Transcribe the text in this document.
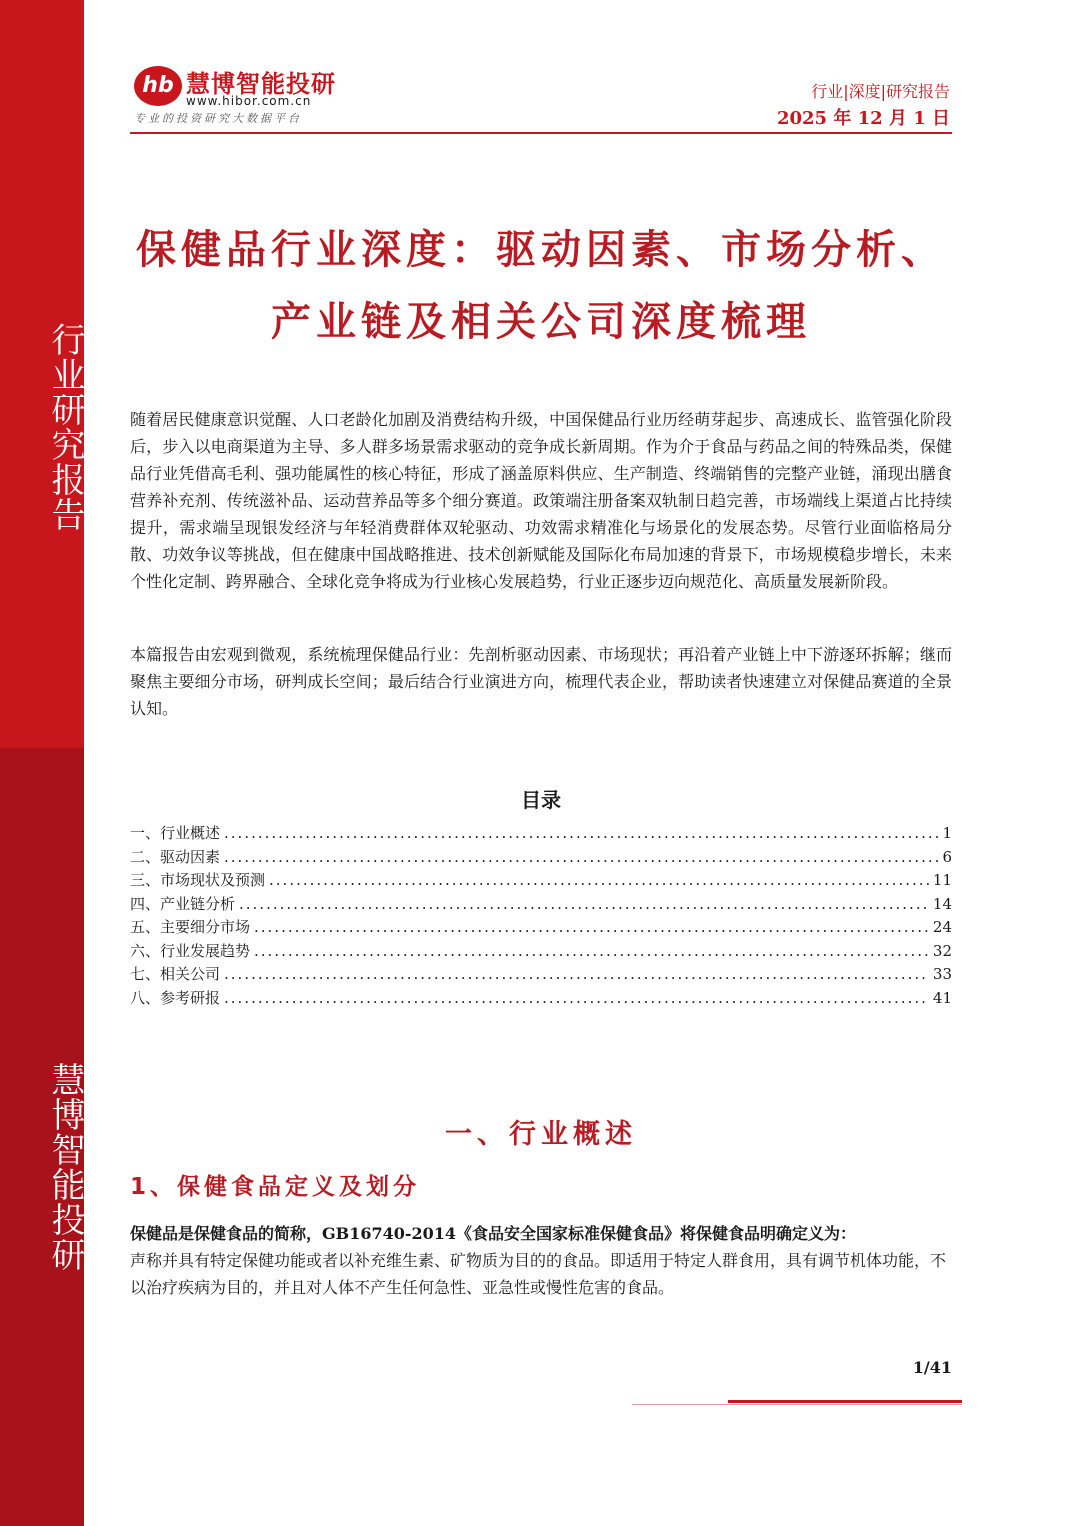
行业研究报告
慧博智能投研
hb 慧博智能投研
www.hibor.com.cn
专业的投资研究大数据平台
行业|深度|研究报告
2025 年 12 月 1 日
保健品行业深度：驱动因素、市场分析、产业链及相关公司深度梳理
随着居民健康意识觉醒、人口老龄化加剧及消费结构升级，中国保健品行业历经萌芽起步、高速成长、监管强化阶段后，步入以电商渠道为主导、多人群多场景需求驱动的竞争成长新周期。作为介于食品与药品之间的特殊品类，保健品行业凭借高毛利、强功能属性的核心特征，形成了涵盖原料供应、生产制造、终端销售的完整产业链，涌现出膳食营养补充剂、传统滋补品、运动营养品等多个细分赛道。政策端注册备案双轨制日趋完善，市场端线上渠道占比持续提升，需求端呈现银发经济与年轻消费群体双轮驱动、功效需求精准化与场景化的发展态势。尽管行业面临格局分散、功效争议等挑战，但在健康中国战略推进、技术创新赋能及国际化布局加速的背景下，市场规模稳步增长，未来个性化定制、跨界融合、全球化竞争将成为行业核心发展趋势，行业正逐步迈向规范化、高质量发展新阶段。
本篇报告由宏观到微观，系统梳理保健品行业：先剖析驱动因素、市场现状；再沿着产业链上中下游逐环拆解；继而聚焦主要细分市场，研判成长空间；最后结合行业演进方向，梳理代表企业，帮助读者快速建立对保健品赛道的全景认知。
目录
一、行业概述 .....	1
二、驱动因素 .....	6
三、市场现状及预测 .....	11
四、产业链分析 .....	14
五、主要细分市场 .....	24
六、行业发展趋势 .....	32
七、相关公司 .....	33
八、参考研报 .....	41
一、行业概述
1、保健食品定义及划分
保健品是保健食品的简称，GB16740-2014《食品安全国家标准保健食品》将保健食品明确定义为：
声称并具有特定保健功能或者以补充维生素、矿物质为目的的食品。即适用于特定人群食用，具有调节机体功能，不以治疗疾病为目的，并且对人体不产生任何急性、亚急性或慢性危害的食品。
1/41
